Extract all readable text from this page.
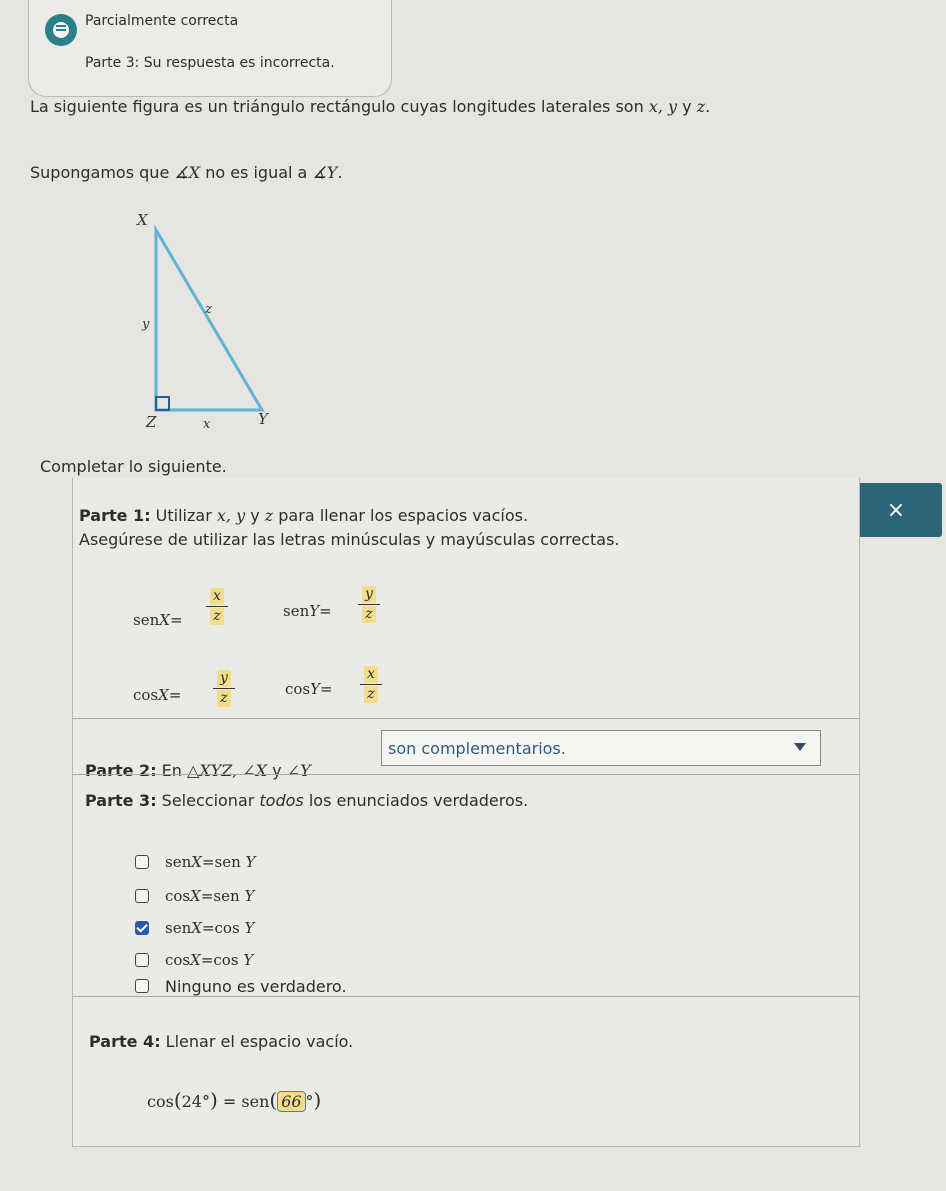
Parcialmente correcta
Parte 3: Su respuesta es incorrecta.
La siguiente figura es un triángulo rectángulo cuyas longitudes laterales son x, y y z.
Supongamos que ∡X no es igual a ∡Y.
X
Y
Z	x
y
z
Completar lo siguiente.
×
Parte 1: Utilizar x, y y z para llenar los espacios vacíos.
Asegúrese de utilizar las letras minúsculas y mayúsculas correctas.
senX=
x
z	senY=
y
z
cosX=
y
z	cosY=
x
z
Parte 2: En △XYZ, ∠X y ∠Y
son complementarios.
Parte 3: Seleccionar todos los enunciados verdaderos.
senX=sen Y
cosX=sen Y
senX=cos Y
cosX=cos Y
Ninguno es verdadero.
Parte 4: Llenar el espacio vacío.
cos(24°) = sen( 66 °)
